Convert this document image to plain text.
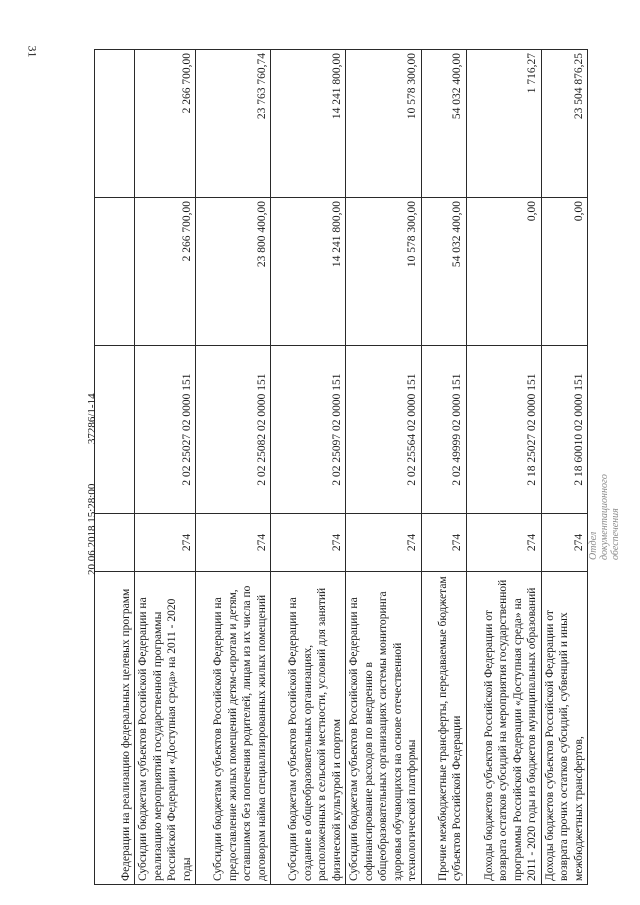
31
Федерации на реализацию федеральных целевых программ				
Субсидии бюджетам субъектов Российской Федерации на реализацию мероприятий государственной программы Российской Федерации «Доступная среда» на 2011 - 2020 годы	274	2 02 25027 02 0000 151	2 266 700,00	2 266 700,00
Субсидии бюджетам субъектов Российской Федерации на предоставление жилых помещений детям-сиротам и детям, оставшимся без попечения родителей, лицам из их числа по договорам найма специализированных жилых помещений	274	2 02 25082 02 0000 151	23 800 400,00	23 763 760,74
Субсидии бюджетам субъектов Российской Федерации на создание в общеобразовательных организациях, расположенных в сельской местности, условий для занятий физической культурой и спортом	274	2 02 25097 02 0000 151	14 241 800,00	14 241 800,00
Субсидии бюджетам субъектов Российской Федерации на софинансирование расходов по внедрению в общеобразовательных организациях системы мониторинга здоровья обучающихся на основе отечественной технологической платформы	274	2 02 25564 02 0000 151	10 578 300,00	10 578 300,00
Прочие межбюджетные трансферты, передаваемые бюджетам субъектов Российской Федерации	274	2 02 49999 02 0000 151	54 032 400,00	54 032 400,00
Доходы бюджетов субъектов Российской Федерации от возврата остатков субсидий на мероприятия государственной программы Российской Федерации «Доступная среда» на 2011 - 2020 годы из бюджетов муниципальных образований	274	2 18 25027 02 0000 151	0,00	1 716,27
Доходы бюджетов субъектов Российской Федерации от возврата прочих остатков субсидий, субвенций и иных межбюджетных трансфертов,	274	2 18 60010 02 0000 151	0,00	23 504 876,25
20.06.2018 15:28:00  37286/1-14
Отдел документационного обеспечения
